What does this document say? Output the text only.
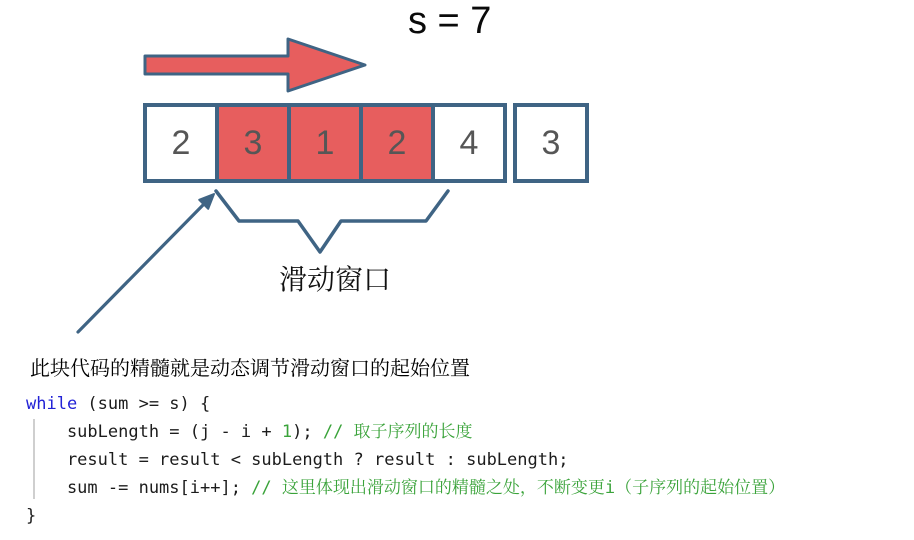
s = 7
2 3 1 2 4 3
滑动窗口
此块代码的精髓就是动态调节滑动窗口的起始位置
while (sum >= s) {
subLength = (j - i + 1); // 取子序列的长度
result = result < subLength ? result : subLength;
sum -= nums[i++]; // 这里体现出滑动窗口的精髓之处，不断变更i（子序列的起始位置）
}
